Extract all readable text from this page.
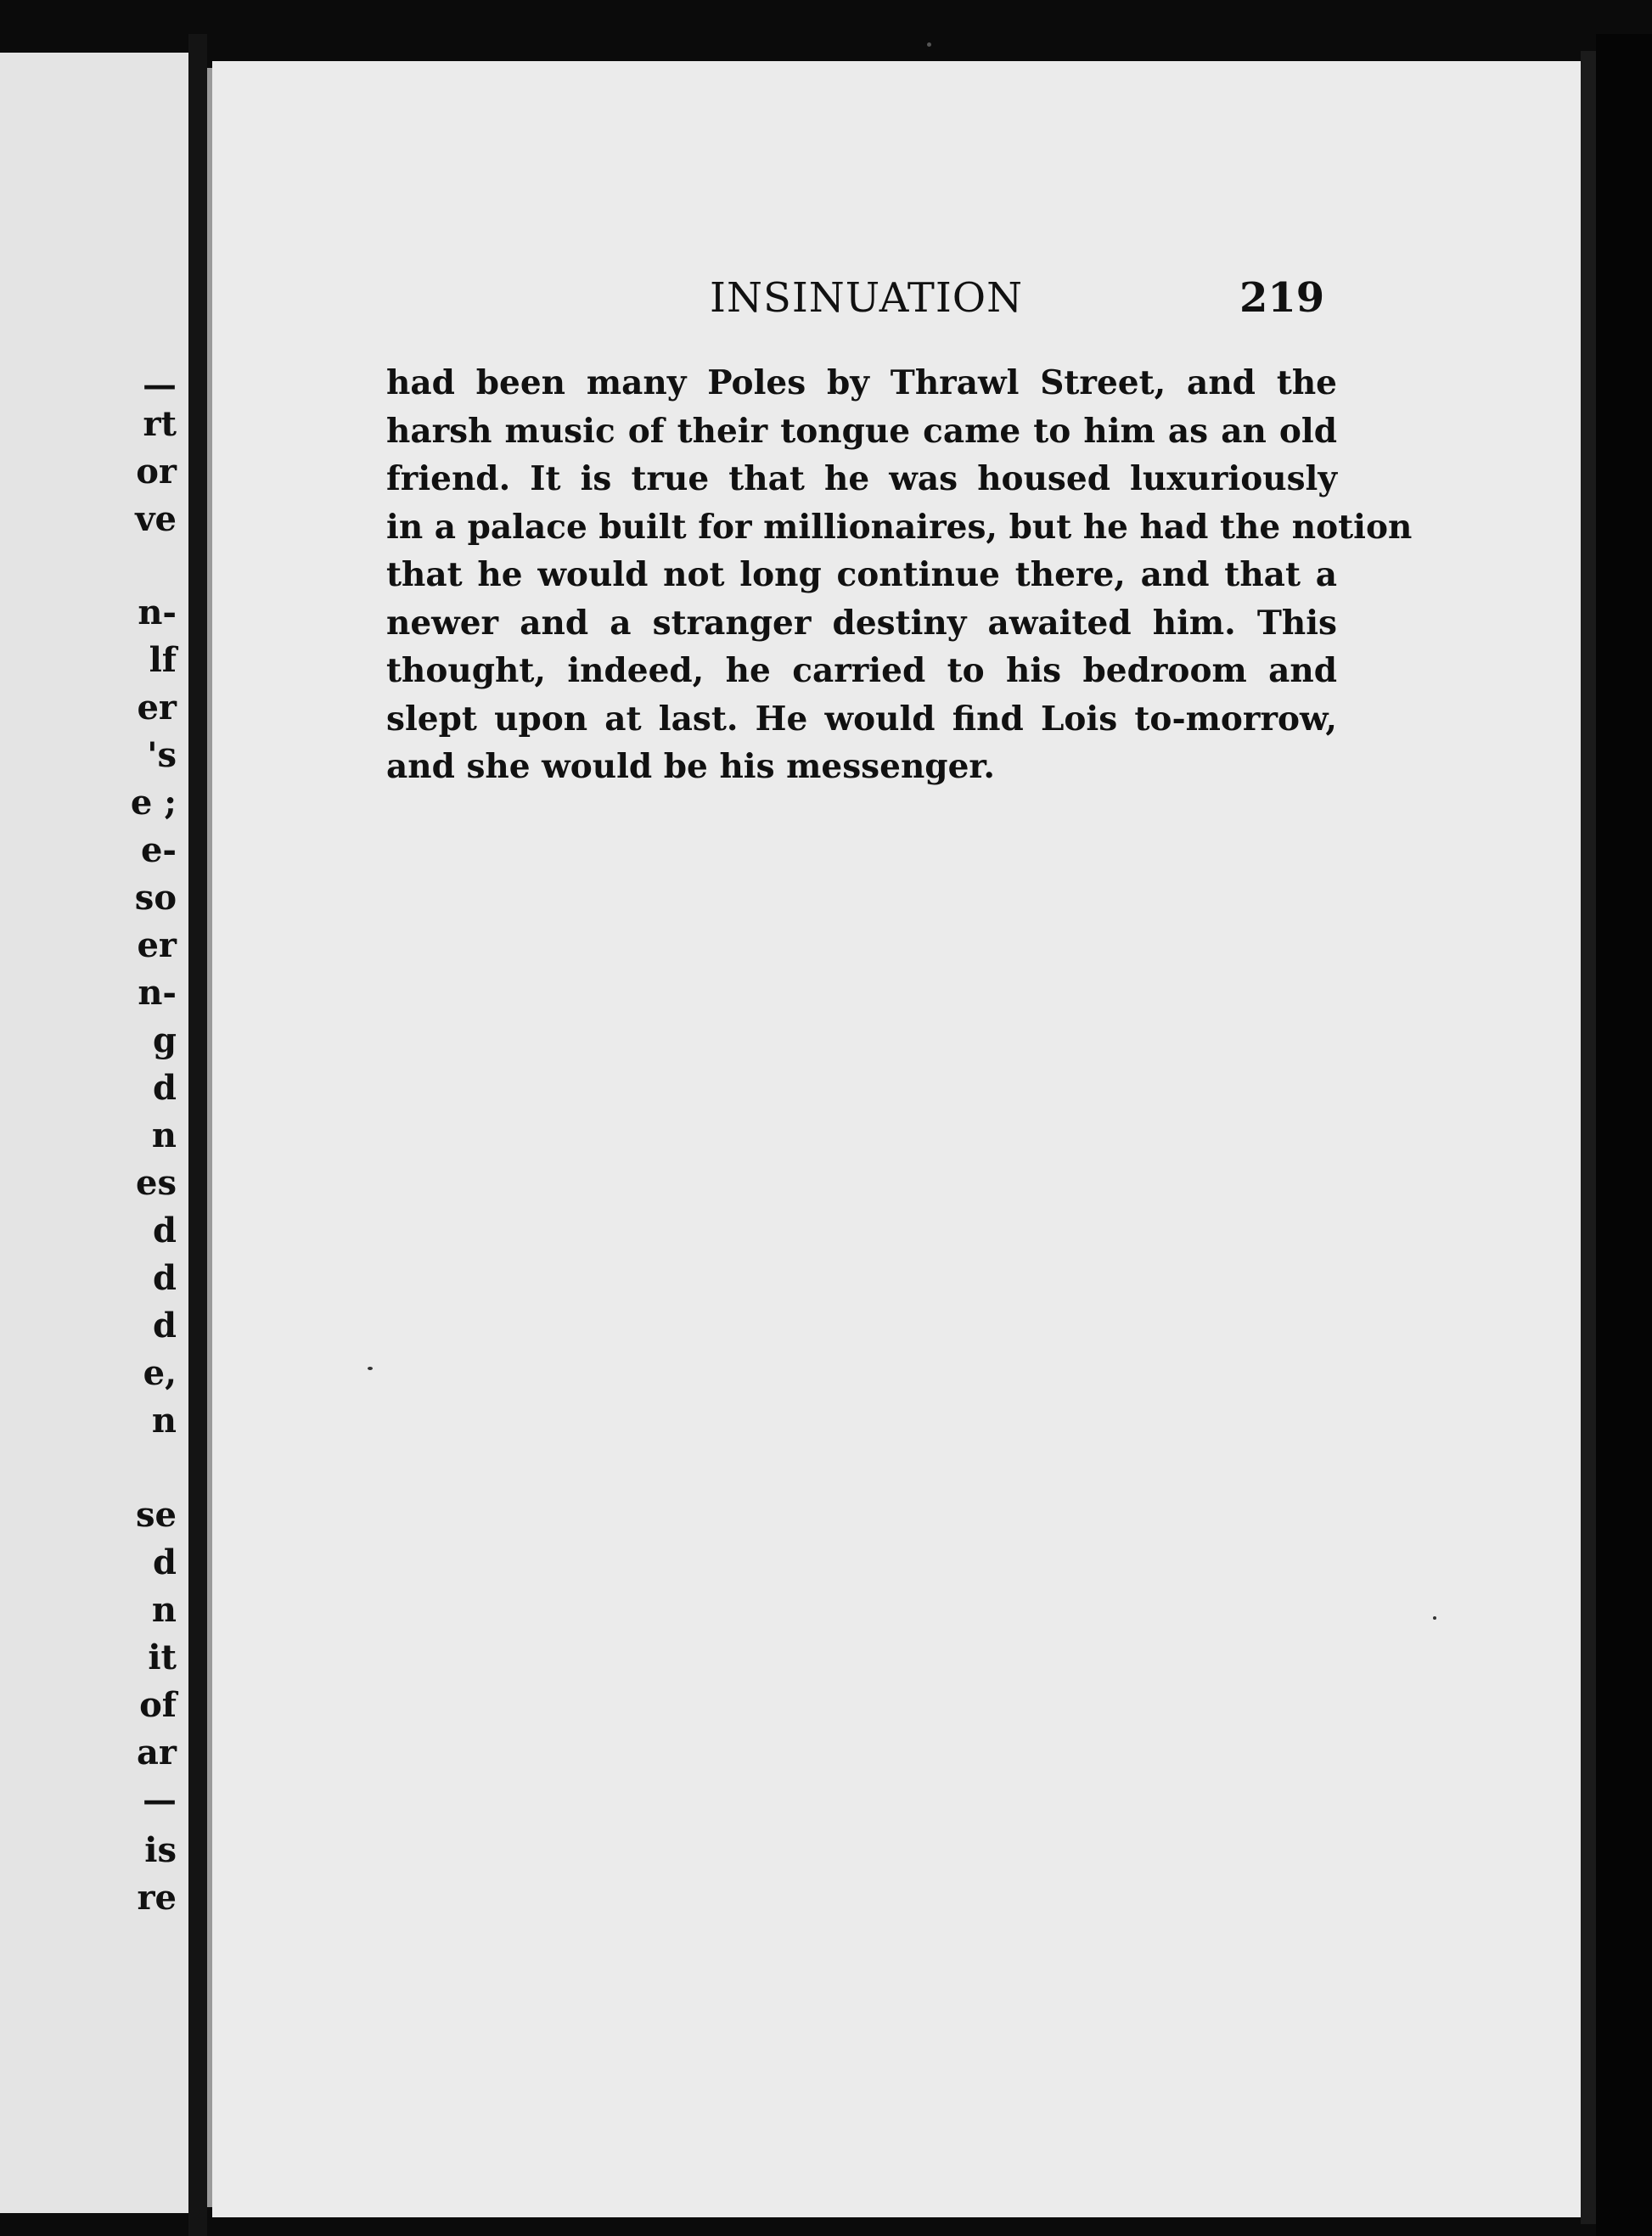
—
rt
or
ve
n-
lf
er
's
e ;
e-
so
er
n-
g
d
n
es
d
d
d
e,
n
se
d
n
it
of
ar
—
is
re
INSINUATION	219
had been many Poles by Thrawl Street, and the
harsh music of their tongue came to him as an old
friend. It is true that he was housed luxuriously
in a palace built for millionaires, but he had the notion
that he would not long continue there, and that a
newer and a stranger destiny awaited him. This
thought, indeed, he carried to his bedroom and
slept upon at last. He would find Lois to-morrow,
and she would be his messenger.
